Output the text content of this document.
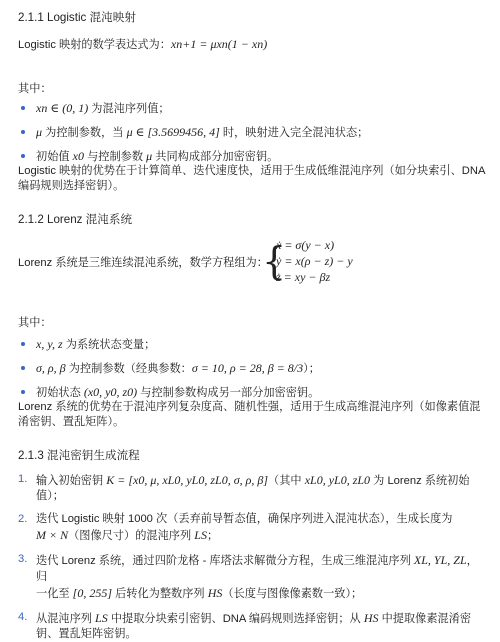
2.1.1 Logistic 混沌映射

Logistic 映射的数学表达式为：xn+1 = μxn(1 − xn)
其中：
xn ∈ (0, 1) 为混沌序列值；
μ 为控制参数，当 μ ∈ [3.5699456, 4] 时，映射进入完全混沌状态；
初始值 x0 与控制参数 μ 共同构成部分加密密钥。

Logistic 映射的优势在于计算简单、迭代速度快，适用于生成低维混沌序列（如分块索引、DNA 编码规则选择密钥）。

2.1.2 Lorenz 混沌系统

Lorenz 系统是三维连续混沌系统，数学方程组为：
{
ẋ = σ(y − x)
ẏ = x(ρ − z) − y
ż = xy − βz
其中：
x, y, z 为系统状态变量；
σ, ρ, β 为控制参数（经典参数：σ = 10, ρ = 28, β = 8/3）；
初始状态 (x0, y0, z0) 与控制参数构成另一部分加密密钥。

Lorenz 系统的优势在于混沌序列复杂度高、随机性强，适用于生成高维混沌序列（如像素值混淆密钥、置乱矩阵）。

2.1.3 混沌密钥生成流程

1. 输入初始密钥 K = [x0, μ, xL0, yL0, zL0, σ, ρ, β]（其中 xL0, yL0, zL0 为 Lorenz 系统初始值）；
2. 迭代 Logistic 映射 1000 次（丢弃前导暂态值，确保序列进入混沌状态），生成长度为
M × N（图像尺寸）的混沌序列 LS；
3. 迭代 Lorenz 系统，通过四阶龙格 - 库塔法求解微分方程，生成三维混沌序列 XL, YL, ZL，归
一化至 [0, 255] 后转化为整数序列 HS（长度与图像像素数一致）；
4. 从混沌序列 LS 中提取分块索引密钥、DNA 编码规则选择密钥；从 HS 中提取像素混淆密
钥、置乱矩阵密钥。
